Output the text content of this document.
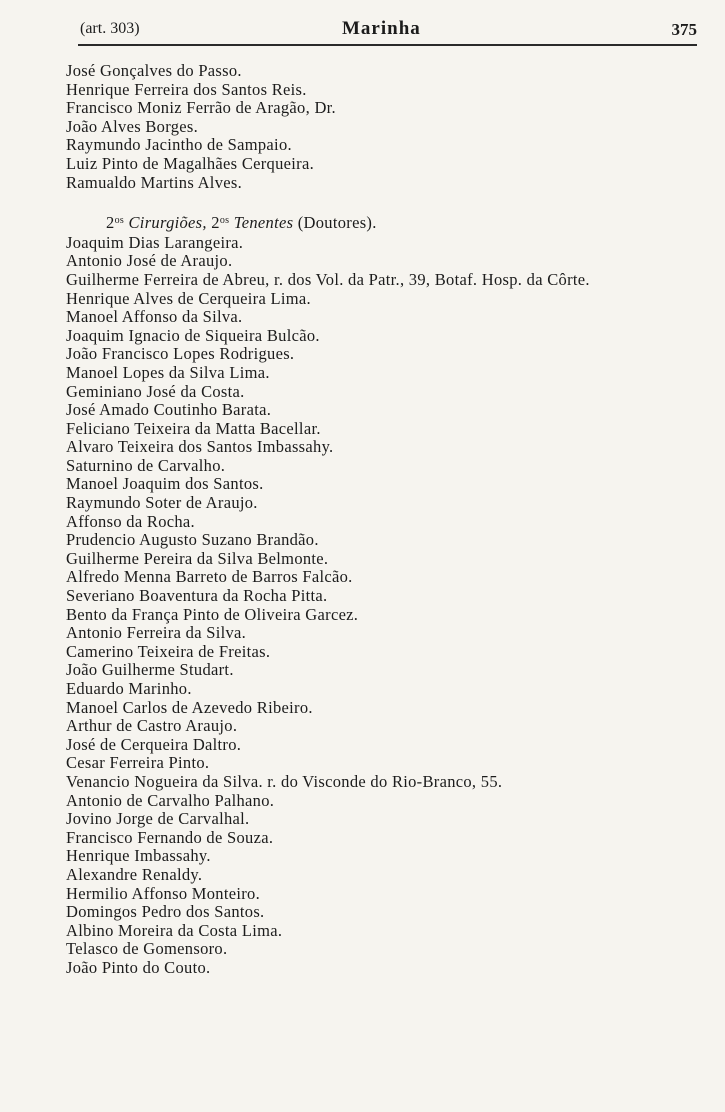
(art. 303)	Marinha	375
José Gonçalves do Passo.
Henrique Ferreira dos Santos Reis.
Francisco Moniz Ferrão de Aragão, Dr.
João Alves Borges.
Raymundo Jacintho de Sampaio.
Luiz Pinto de Magalhães Cerqueira.
Ramualdo Martins Alves.
$2^{os}$ Cirurgiões, $2^{os}$ Tenentes (Doutores).
Joaquim Dias Larangeira.
Antonio José de Araujo.
Guilherme Ferreira de Abreu, r. dos Vol. da Patr., 39, Botaf. Hosp. da Côrte.
Henrique Alves de Cerqueira Lima.
Manoel Affonso da Silva.
Joaquim Ignacio de Siqueira Bulcão.
João Francisco Lopes Rodrigues.
Manoel Lopes da Silva Lima.
Geminiano José da Costa.
José Amado Coutinho Barata.
Feliciano Teixeira da Matta Bacellar.
Alvaro Teixeira dos Santos Imbassahy.
Saturnino de Carvalho.
Manoel Joaquim dos Santos.
Raymundo Soter de Araujo.
Affonso da Rocha.
Prudencio Augusto Suzano Brandão.
Guilherme Pereira da Silva Belmonte.
Alfredo Menna Barreto de Barros Falcão.
Severiano Boaventura da Rocha Pitta.
Bento da França Pinto de Oliveira Garcez.
Antonio Ferreira da Silva.
Camerino Teixeira de Freitas.
João Guilherme Studart.
Eduardo Marinho.
Manoel Carlos de Azevedo Ribeiro.
Arthur de Castro Araujo.
José de Cerqueira Daltro.
Cesar Ferreira Pinto.
Venancio Nogueira da Silva. r. do Visconde do Rio-Branco, 55.
Antonio de Carvalho Palhano.
Jovino Jorge de Carvalhal.
Francisco Fernando de Souza.
Henrique Imbassahy.
Alexandre Renaldy.
Hermilio Affonso Monteiro.
Domingos Pedro dos Santos.
Albino Moreira da Costa Lima.
Telasco de Gomensoro.
João Pinto do Couto.
